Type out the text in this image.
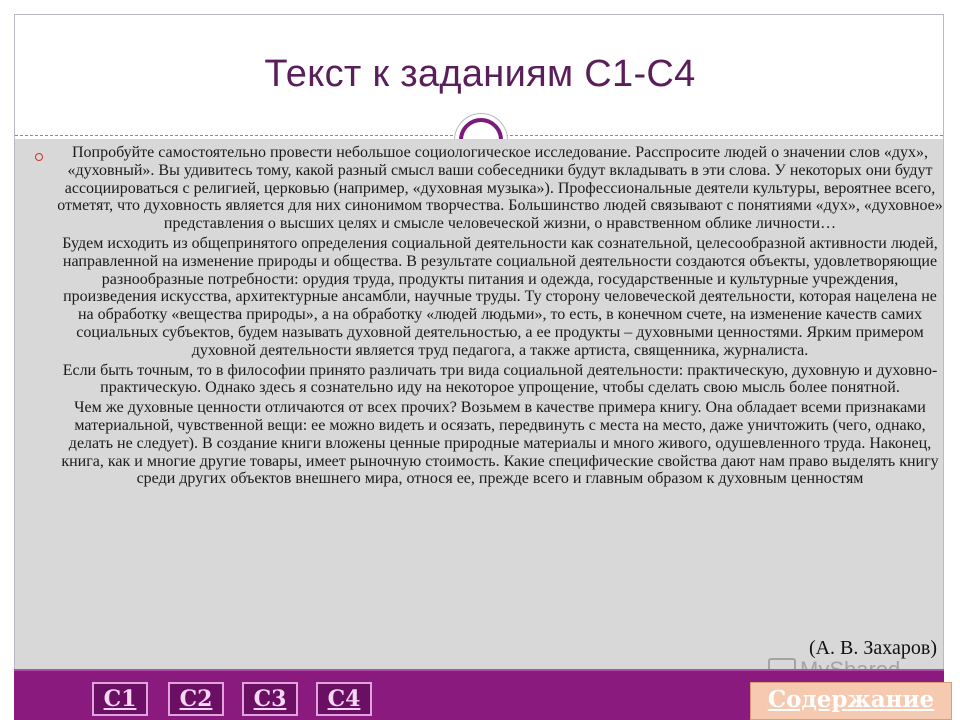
Текст к заданиям С1-С4

Попробуйте самостоятельно провести небольшое социологическое исследование. Расспросите людей о значении слов «дух», «духовный». Вы удивитесь тому, какой разный смысл ваши собеседники будут вкладывать в эти слова. У некоторых они будут ассоциироваться с религией, церковью (например, «духовная музыка»). Профессиональные деятели культуры, вероятнее всего, отметят, что духовность является для них синонимом творчества. Большинство людей связывают с понятиями «дух», «духовное» представления о высших целях и смысле человеческой жизни, о нравственном облике личности…

Будем исходить из общепринятого определения социальной деятельности как сознательной, целесообразной активности людей, направленной на изменение природы и общества. В результате социальной деятельности создаются объекты, удовлетворяющие разнообразные потребности: орудия труда, продукты питания и одежда, государственные и культурные учреждения, произведения искусства, архитектурные ансамбли, научные труды. Ту сторону человеческой деятельности, которая нацелена не на обработку «вещества природы», а на обработку «людей людьми», то есть, в конечном счете, на изменение качеств самих социальных субъектов, будем называть духовной деятельностью, а ее продукты – духовными ценностями. Ярким примером духовной деятельности является труд педагога, а также артиста, священника, журналиста.

Если быть точным, то в философии принято различать три вида социальной деятельности: практическую, духовную и духовно-практическую. Однако здесь я сознательно иду на некоторое упрощение, чтобы сделать свою мысль более понятной.

Чем же духовные ценности отличаются от всех прочих? Возьмем в качестве примера книгу. Она обладает всеми признаками материальной, чувственной вещи: ее можно видеть и осязать, передвинуть с места на место, даже уничтожить (чего, однако, делать не следует). В создание книги вложены ценные природные материалы и много живого, одушевленного труда. Наконец, книга, как и многие другие товары, имеет рыночную стоимость. Какие специфические свойства дают нам право выделять книгу среди других объектов внешнего мира, относя ее, прежде всего и главным образом к духовным ценностям

(А. В. Захаров)
С1	С2	С3	С4	Содержание
